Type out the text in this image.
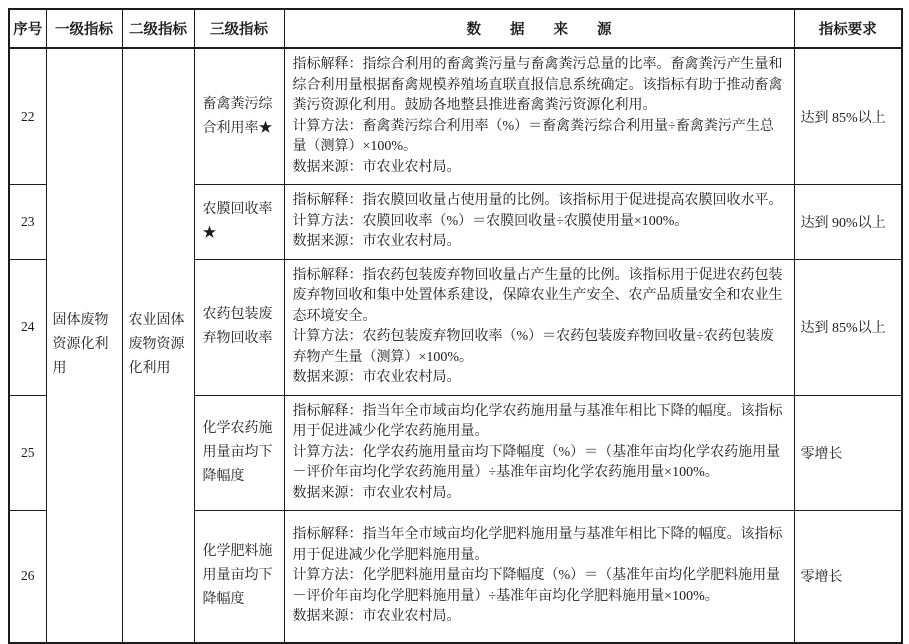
序号	一级指标	二级指标	三级指标	数　　据　　来　　源	指标要求
22	固体废物资源化利用	农业固体废物资源化利用	畜禽粪污综合利用率★	指标解释：指综合利用的畜禽粪污量与畜禽粪污总量的比率。畜禽粪污产生量和综合利用量根据畜禽规模养殖场直联直报信息系统确定。该指标有助于推动畜禽粪污资源化利用。鼓励各地整县推进畜禽粪污资源化利用。
计算方法：畜禽粪污综合利用率（%）＝畜禽粪污综合利用量÷畜禽粪污产生总量（测算）×100%。
数据来源：市农业农村局。	达到 85%以上
23			农膜回收率★	指标解释：指农膜回收量占使用量的比例。该指标用于促进提高农膜回收水平。
计算方法：农膜回收率（%）＝农膜回收量÷农膜使用量×100%。
数据来源：市农业农村局。	达到 90%以上
24			农药包装废弃物回收率	指标解释：指农药包装废弃物回收量占产生量的比例。该指标用于促进农药包装废弃物回收和集中处置体系建设，保障农业生产安全、农产品质量安全和农业生态环境安全。
计算方法：农药包装废弃物回收率（%）＝农药包装废弃物回收量÷农药包装废弃物产生量（测算）×100%。
数据来源：市农业农村局。	达到 85%以上
25			化学农药施用量亩均下降幅度	指标解释：指当年全市域亩均化学农药施用量与基准年相比下降的幅度。该指标用于促进减少化学农药施用量。
计算方法：化学农药施用量亩均下降幅度（%）＝（基准年亩均化学农药施用量－评价年亩均化学农药施用量）÷基准年亩均化学农药施用量×100%。
数据来源：市农业农村局。	零增长
26			化学肥料施用量亩均下降幅度	指标解释：指当年全市域亩均化学肥料施用量与基准年相比下降的幅度。该指标用于促进减少化学肥料施用量。
计算方法：化学肥料施用量亩均下降幅度（%）＝（基准年亩均化学肥料施用量－评价年亩均化学肥料施用量）÷基准年亩均化学肥料施用量×100%。
数据来源：市农业农村局。	零增长
